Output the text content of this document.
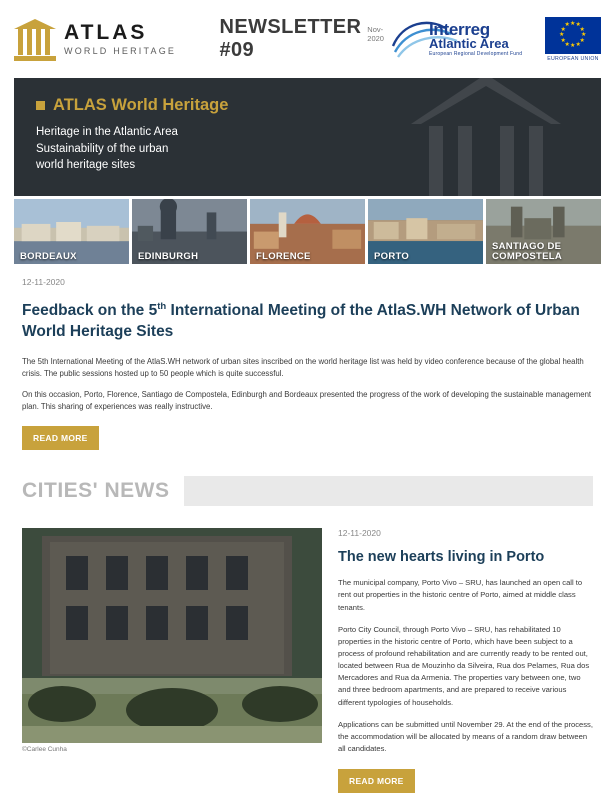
ATLAS
WORLD HERITAGE
NEWSLETTER #09
Nov-2020	Interreg
Atlantic Area
European Regional Development Fund
★ ★
★
★
★
★
★
★
★
★
★
★
EUROPEAN UNION
ATLAS World Heritage
Heritage in the Atlantic Area
Sustainability of the urban
world heritage sites
BORDEAUX	EDINBURGH	FLORENCE	PORTO
SANTIAGO DE COMPOSTELA
12-11-2020
Feedback on the 5th International Meeting of the AtlaS.WH Network of Urban World Heritage Sites

The 5th International Meeting of the AtlaS.WH network of urban sites inscribed on the world heritage list was held by video conference because of the global health crisis. The public sessions hosted up to 50 people which is quite successful.

On this occasion, Porto, Florence, Santiago de Compostela, Edinburgh and Bordeaux presented the progress of the work of developing the sustainable management plan. This sharing of experiences was really instructive.

READ MORE
CITIES' NEWS
©Carlee Cunha
12-11-2020
The new hearts living in Porto

The municipal company, Porto Vivo – SRU, has launched an open call to rent out properties in the historic centre of Porto, aimed at middle class tenants.

Porto City Council, through Porto Vivo – SRU, has rehabilitated 10 properties in the historic centre of Porto, which have been subject to a process of profound rehabilitation and are currently ready to be rented out, located between Rua de Mouzinho da Silveira, Rua dos Pelames, Rua dos Mercadores and Rua da Armenia. The properties vary between one, two and three bedroom apartments, and are prepared to receive various different typologies of households.

Applications can be submitted until November 29. At the end of the process, the accommodation will be allocated by means of a random draw between all candidates.

READ MORE
